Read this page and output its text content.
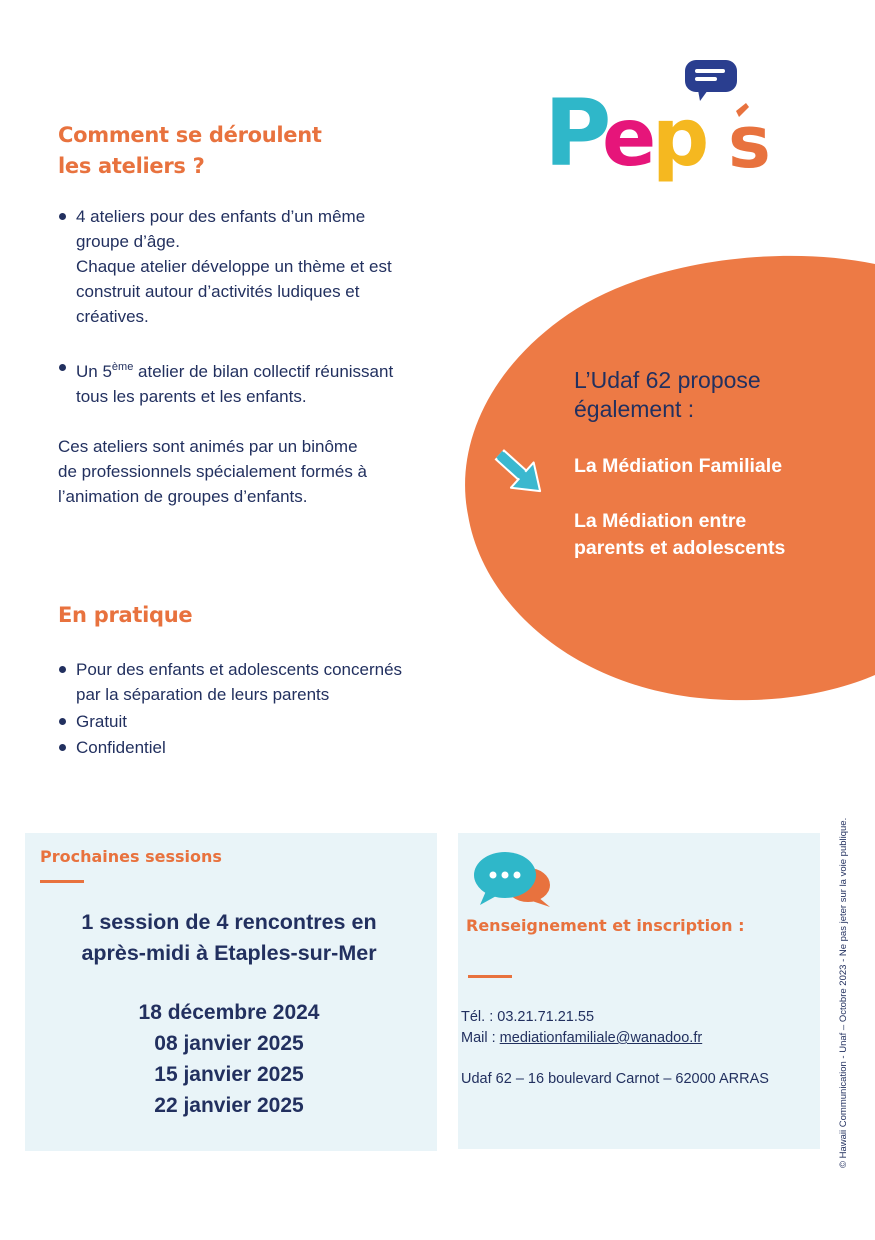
P
e
p s
Comment se déroulent
les ateliers ?
4 ateliers pour des enfants d’un même
groupe d’âge.
Chaque atelier développe un thème et est
construit autour d’activités ludiques et
créatives.
Un 5ème atelier de bilan collectif réunissant
tous les parents et les enfants.
Ces ateliers sont animés par un binôme
de professionnels spécialement formés à
l’animation de groupes d’enfants.
L’Udaf 62 propose
également :
La Médiation Familiale
La Médiation entre
parents et adolescents
En pratique
Pour des enfants et adolescents concernés
par la séparation de leurs parents
Gratuit
Confidentiel
Prochaines sessions
1 session de 4 rencontres en
après-midi à Etaples-sur-Mer
18 décembre 2024
08 janvier 2025
15 janvier 2025
22 janvier 2025
Renseignement et inscription :
Tél. : 03.21.71.21.55
Mail : mediationfamiliale@wanadoo.fr
Udaf 62 – 16 boulevard Carnot – 62000 ARRAS	© Hawaii Communication - Unaf – Octobre 2023 - Ne pas jeter sur la voie publique.
